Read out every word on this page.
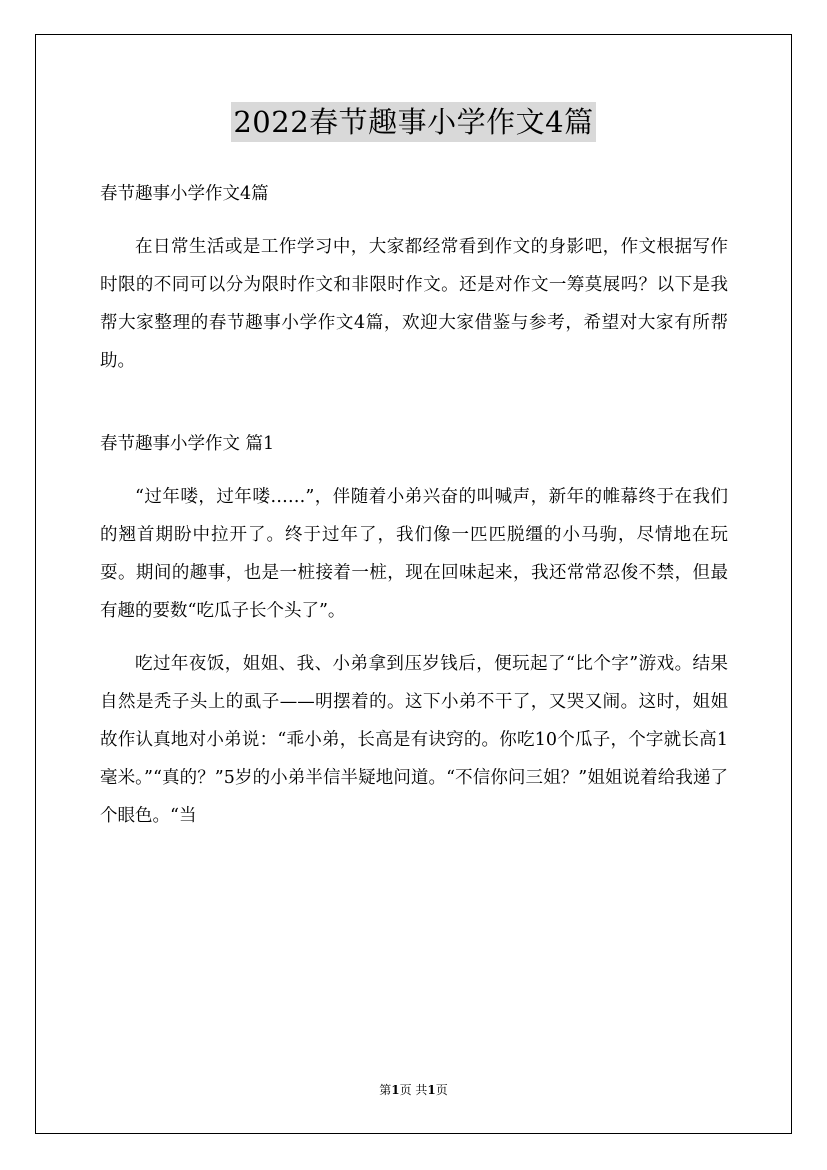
2022春节趣事小学作文4篇

春节趣事小学作文4篇

在日常生活或是工作学习中，大家都经常看到作文的身影吧，作文根据写作时限的不同可以分为限时作文和非限时作文。还是对作文一筹莫展吗？以下是我帮大家整理的春节趣事小学作文4篇，欢迎大家借鉴与参考，希望对大家有所帮助。

春节趣事小学作文 篇1

“过年喽，过年喽……”，伴随着小弟兴奋的叫喊声，新年的帷幕终于在我们的翘首期盼中拉开了。终于过年了，我们像一匹匹脱缰的小马驹，尽情地在玩耍。期间的趣事，也是一桩接着一桩，现在回味起来，我还常常忍俊不禁，但最有趣的要数“吃瓜子长个头了”。

吃过年夜饭，姐姐、我、小弟拿到压岁钱后，便玩起了“比个字”游戏。结果自然是秃子头上的虱子——明摆着的。这下小弟不干了，又哭又闹。这时，姐姐故作认真地对小弟说：“乖小弟，长高是有诀窍的。你吃10个瓜子，个字就长高1毫米。”“真的？”5岁的小弟半信半疑地问道。“不信你问三姐？”姐姐说着给我递了个眼色。“当

第1页 共1页
